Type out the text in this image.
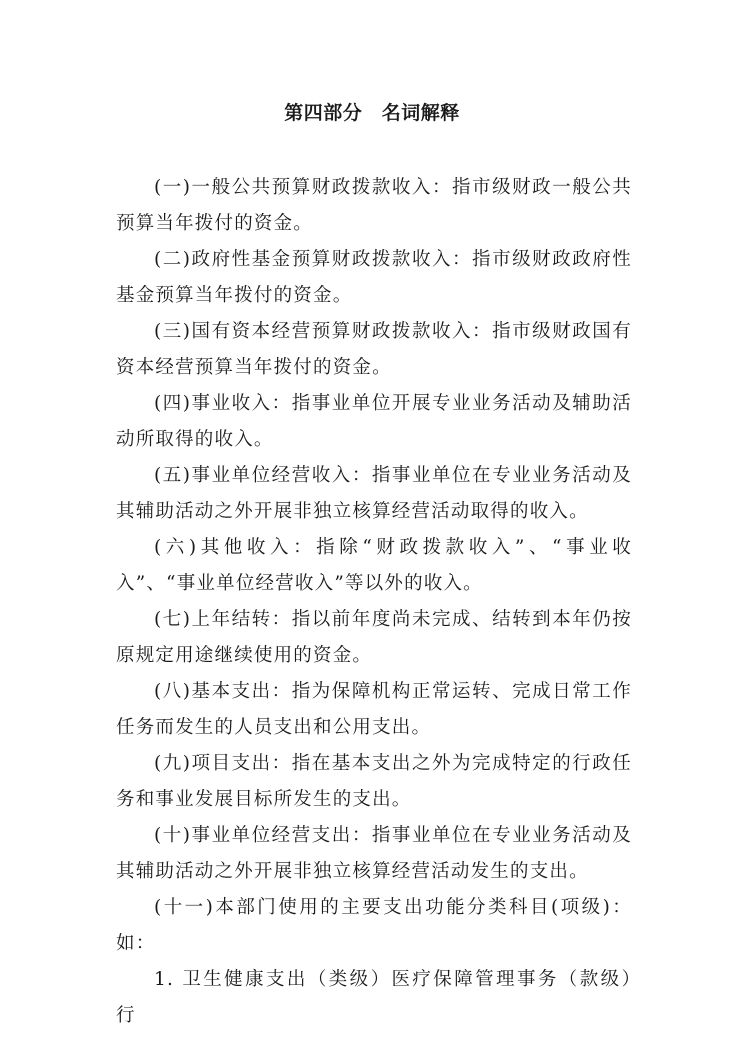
第四部分　名词解释

(一)一般公共预算财政拨款收入：指市级财政一般公共预算当年拨付的资金。

(二)政府性基金预算财政拨款收入：指市级财政政府性基金预算当年拨付的资金。

(三)国有资本经营预算财政拨款收入：指市级财政国有资本经营预算当年拨付的资金。

(四)事业收入：指事业单位开展专业业务活动及辅助活动所取得的收入。

(五)事业单位经营收入：指事业单位在专业业务活动及其辅助活动之外开展非独立核算经营活动取得的收入。

(六)其他收入：指除“财政拨款收入”、“事业收入”、“事业单位经营收入”等以外的收入。

(七)上年结转：指以前年度尚未完成、结转到本年仍按原规定用途继续使用的资金。

(八)基本支出：指为保障机构正常运转、完成日常工作任务而发生的人员支出和公用支出。

(九)项目支出：指在基本支出之外为完成特定的行政任务和事业发展目标所发生的支出。

(十)事业单位经营支出：指事业单位在专业业务活动及其辅助活动之外开展非独立核算经营活动发生的支出。

(十一)本部门使用的主要支出功能分类科目(项级)：如：

1. 卫生健康支出（类级）医疗保障管理事务（款级）　行
